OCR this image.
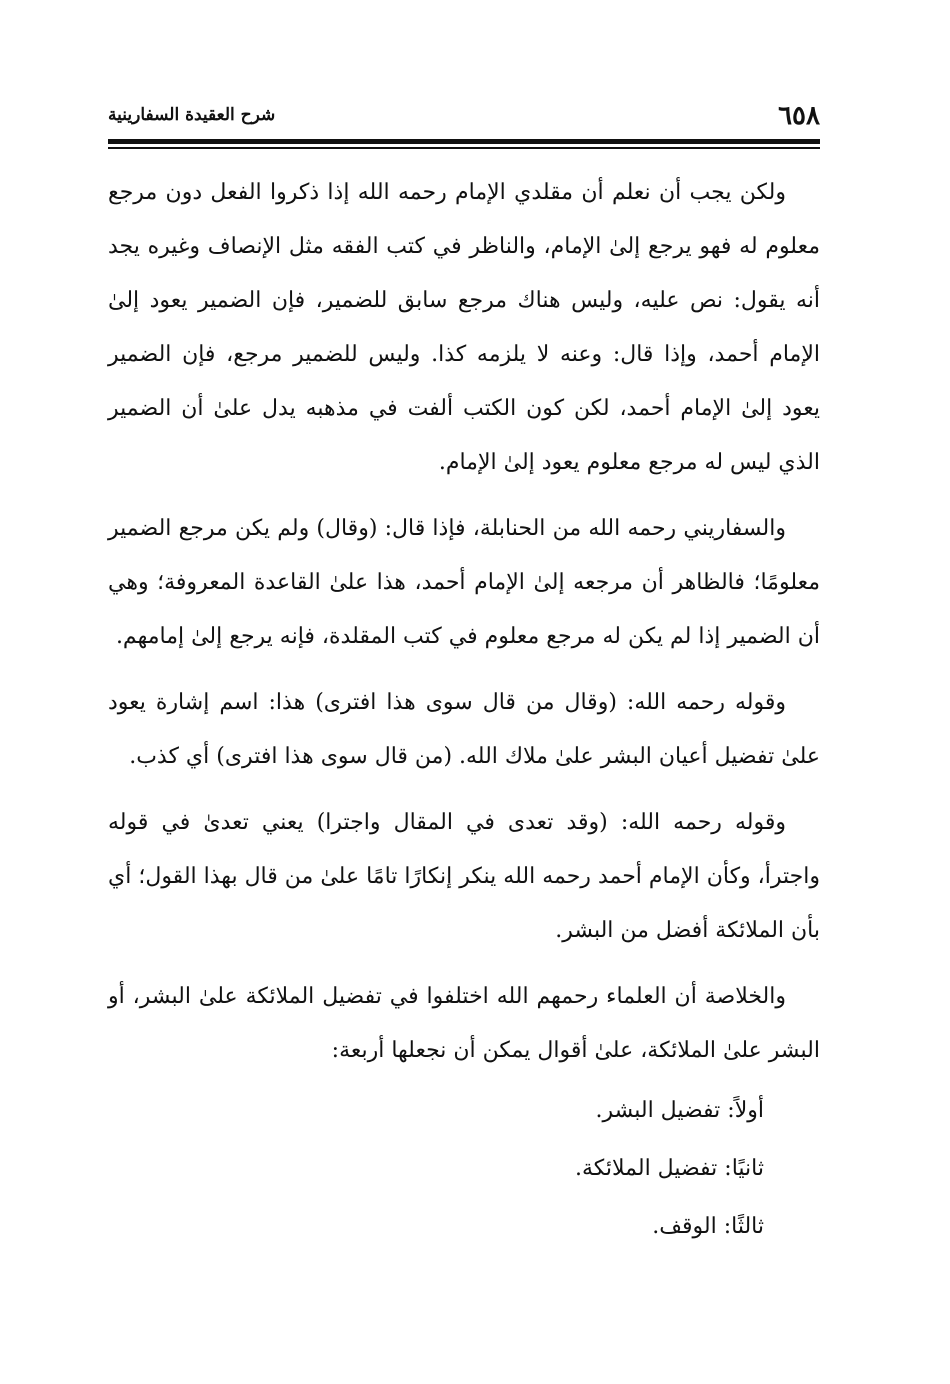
٦٥٨
شرح العقيدة السفارينية

ولكن يجب أن نعلم أن مقلدي الإمام رحمه الله إذا ذكروا الفعل دون مرجع معلوم له فهو يرجع إلىٰ الإمام، والناظر في كتب الفقه مثل الإنصاف وغيره يجد أنه يقول: نص عليه، وليس هناك مرجع سابق للضمير، فإن الضمير يعود إلىٰ الإمام أحمد، وإذا قال: وعنه لا يلزمه كذا. وليس للضمير مرجع، فإن الضمير يعود إلىٰ الإمام أحمد، لكن كون الكتب ألفت في مذهبه يدل علىٰ أن الضمير الذي ليس له مرجع معلوم يعود إلىٰ الإمام.

والسفاريني رحمه الله من الحنابلة، فإذا قال: (وقال) ولم يكن مرجع الضمير معلومًا؛ فالظاهر أن مرجعه إلىٰ الإمام أحمد، هذا علىٰ القاعدة المعروفة؛ وهي أن الضمير إذا لم يكن له مرجع معلوم في كتب المقلدة، فإنه يرجع إلىٰ إمامهم.

وقوله رحمه الله: (وقال من قال سوى هذا افترى) هذا: اسم إشارة يعود علىٰ تفضيل أعيان البشر علىٰ ملاك الله. (من قال سوى هذا افترى) أي كذب.

وقوله رحمه الله: (وقد تعدى في المقال واجترا) يعني تعدىٰ في قوله واجترأ، وكأن الإمام أحمد رحمه الله ينكر إنكارًا تامًا علىٰ من قال بهذا القول؛ أي بأن الملائكة أفضل من البشر.

والخلاصة أن العلماء رحمهم الله اختلفوا في تفضيل الملائكة علىٰ البشر، أو البشر علىٰ الملائكة، علىٰ أقوال يمكن أن نجعلها أربعة:

أولاً: تفضيل البشر.

ثانيًا: تفضيل الملائكة.

ثالثًا: الوقف.
